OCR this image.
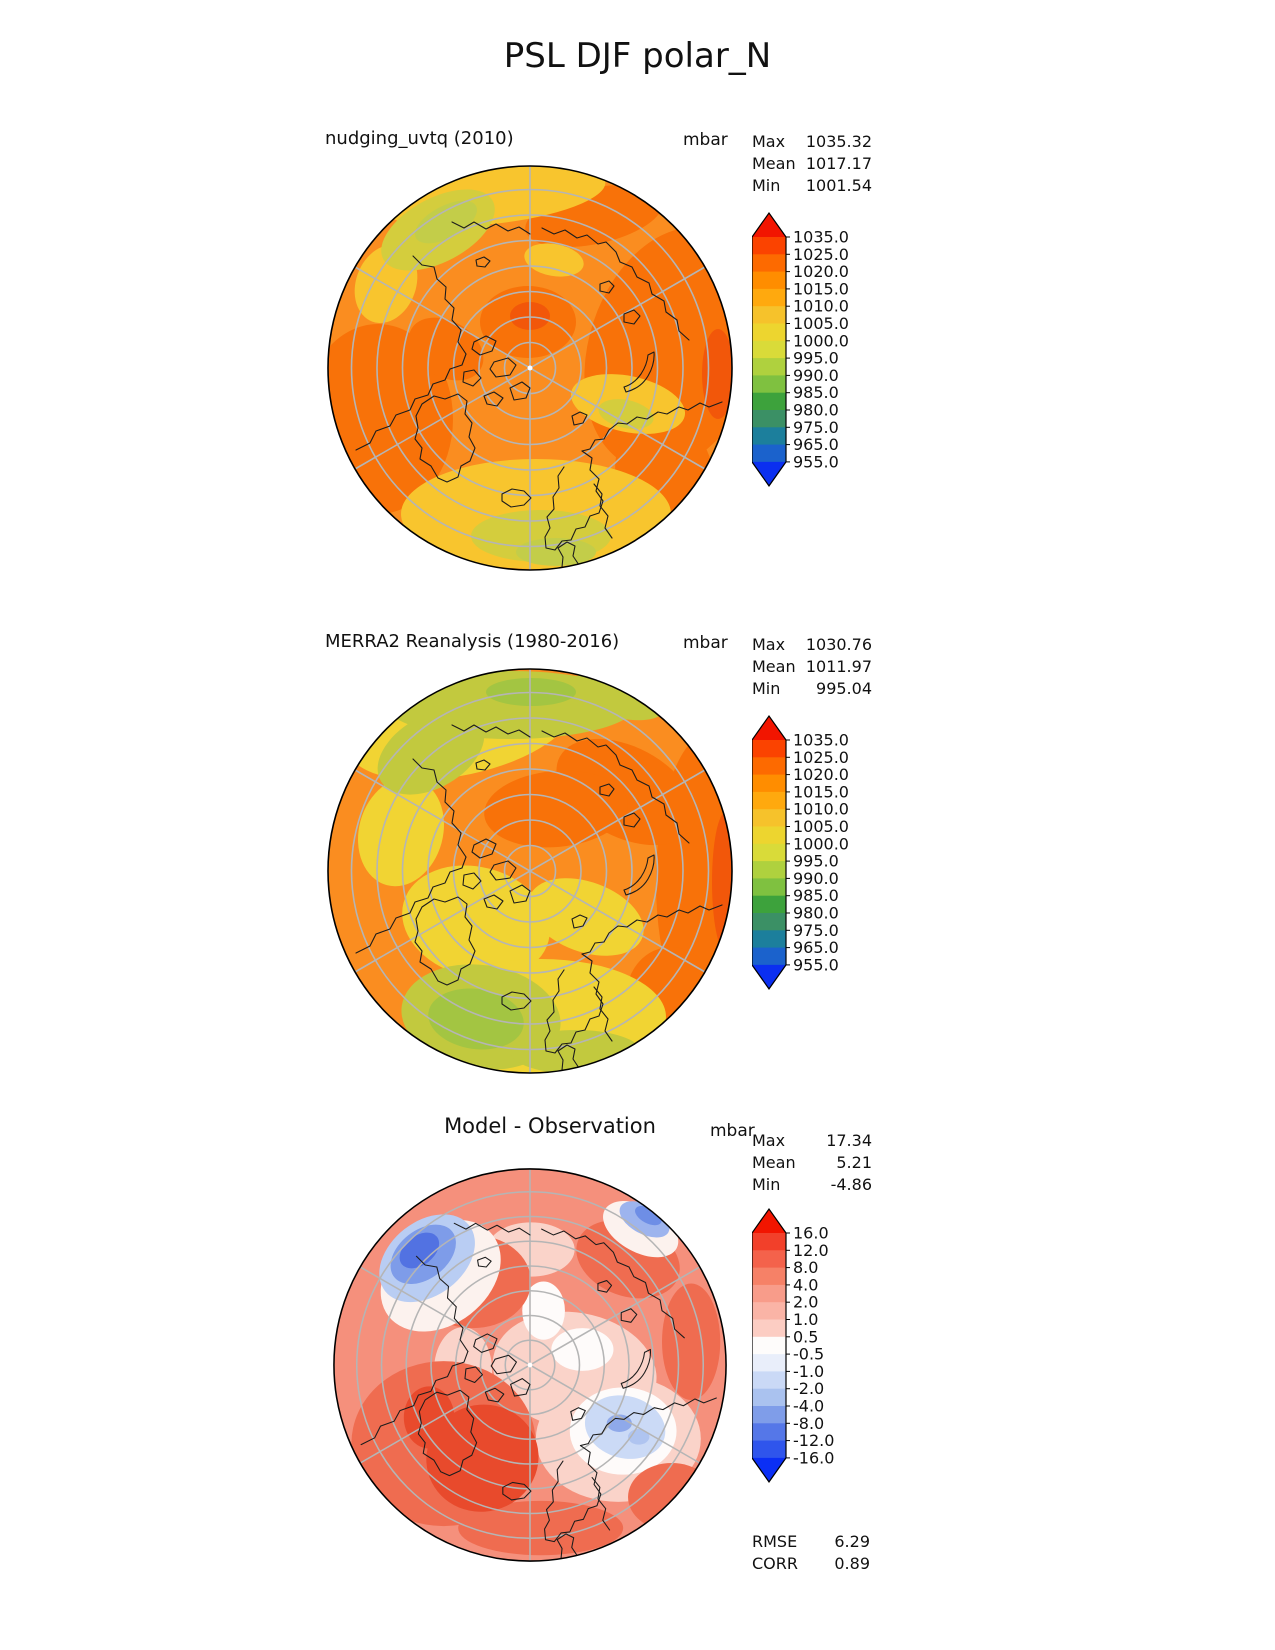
PSL DJF polar_N
nudging_uvtq (2010)	mbar Max	1035.32
Mean 1017.17
Min	1001.54
1035.0
1025.0
1020.0
1015.0
1010.0
1005.0
1000.0
995.0
990.0
985.0
980.0
975.0
965.0
955.0
MERRA2 Reanalysis (1980-2016)	mbar Max	1030.76
Mean 1011.97
Min	995.04
1035.0
1025.0
1020.0
1015.0
1010.0
1005.0
1000.0
995.0
990.0
985.0
980.0
975.0
965.0
955.0
Model - Observation	mbar
Max	17.34
Mean	5.21
Min	-4.86
16.0
12.0
8.0
4.0
2.0
1.0
0.5
-0.5
-1.0
-2.0
-4.0
-8.0
-12.0
-16.0
RMSE	6.29
CORR	0.89
